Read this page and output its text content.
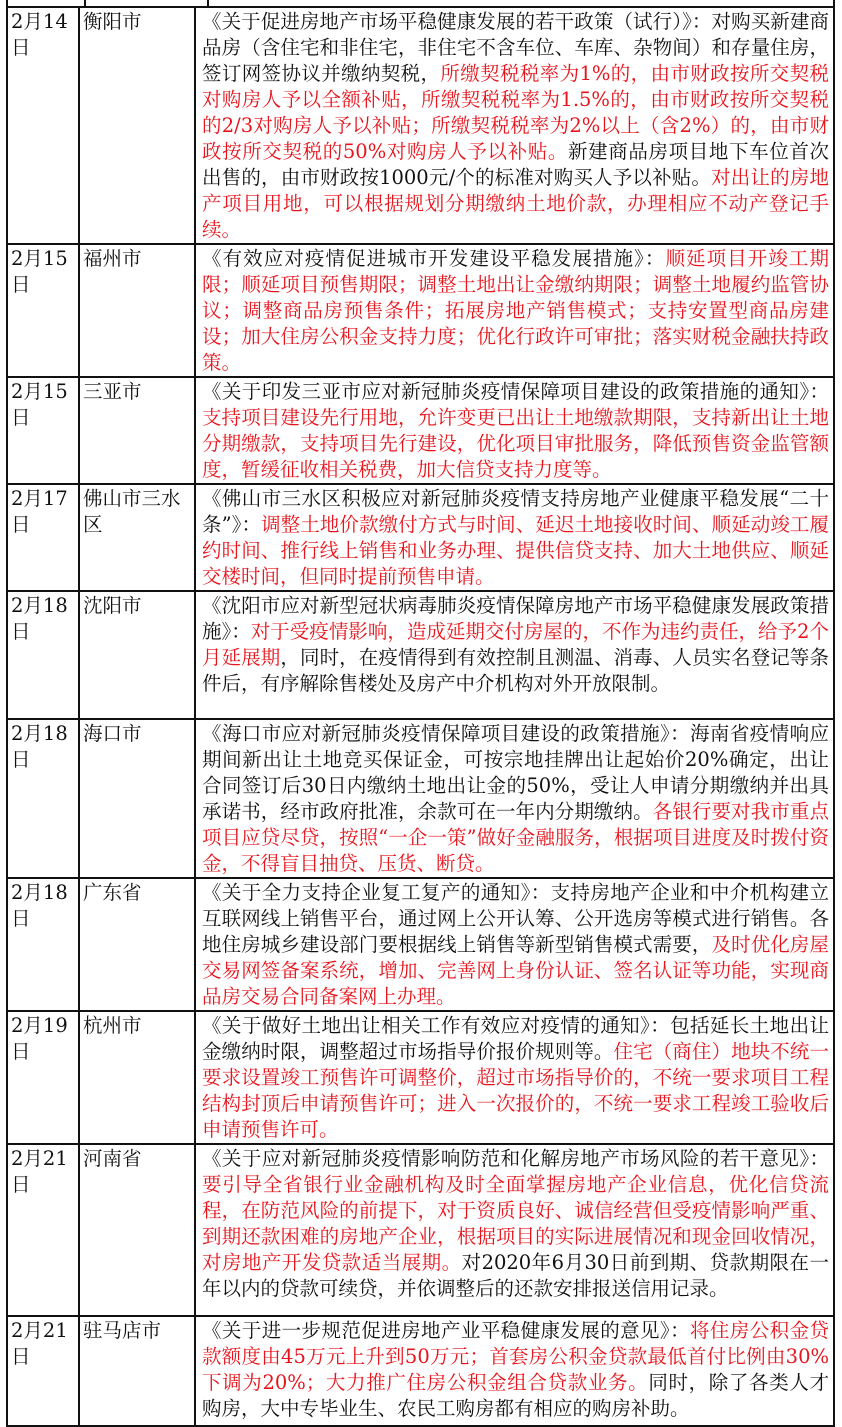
2月14日	衡阳市	《关于促进房地产市场平稳健康发展的若干政策（试行）》：对购买新建商品房（含住宅和非住宅，非住宅不含车位、车库、杂物间）和存量住房，签订网签协议并缴纳契税，所缴契税税率为1%的，由市财政按所交契税对购房人予以全额补贴，所缴契税税率为1.5%的，由市财政按所交契税的2/3对购房人予以补贴；所缴契税税率为2%以上（含2%）的，由市财政按所交契税的50%对购房人予以补贴。新建商品房项目地下车位首次出售的，由市财政按1000元/个的标准对购买人予以补贴。对出让的房地产项目用地，可以根据规划分期缴纳土地价款，办理相应不动产登记手续。
2月15日	福州市	《有效应对疫情促进城市开发建设平稳发展措施》：顺延项目开竣工期限；顺延项目预售期限；调整土地出让金缴纳期限；调整土地履约监管协议；调整商品房预售条件；拓展房地产销售模式；支持安置型商品房建设；加大住房公积金支持力度；优化行政许可审批；落实财税金融扶持政策。
2月15日	三亚市	《关于印发三亚市应对新冠肺炎疫情保障项目建设的政策措施的通知》：支持项目建设先行用地，允许变更已出让土地缴款期限，支持新出让土地分期缴款，支持项目先行建设，优化项目审批服务，降低预售资金监管额度，暂缓征收相关税费，加大信贷支持力度等。
2月17日	佛山市三水区	《佛山市三水区积极应对新冠肺炎疫情支持房地产业健康平稳发展“二十条”》：调整土地价款缴付方式与时间、延迟土地接收时间、顺延动竣工履约时间、推行线上销售和业务办理、提供信贷支持、加大土地供应、顺延交楼时间，但同时提前预售申请。
2月18日	沈阳市	《沈阳市应对新型冠状病毒肺炎疫情保障房地产市场平稳健康发展政策措施》：对于受疫情影响，造成延期交付房屋的，不作为违约责任，给予2个月延展期，同时，在疫情得到有效控制且测温、消毒、人员实名登记等条件后，有序解除售楼处及房产中介机构对外开放限制。
2月18日	海口市	《海口市应对新冠肺炎疫情保障项目建设的政策措施》：海南省疫情响应期间新出让土地竞买保证金，可按宗地挂牌出让起始价20%确定，出让合同签订后30日内缴纳土地出让金的50%，受让人申请分期缴纳并出具承诺书，经市政府批准，余款可在一年内分期缴纳。各银行要对我市重点项目应贷尽贷，按照“一企一策”做好金融服务，根据项目进度及时拨付资金，不得盲目抽贷、压货、断贷。
2月18日	广东省	《关于全力支持企业复工复产的通知》：支持房地产企业和中介机构建立互联网线上销售平台，通过网上公开认筹、公开选房等模式进行销售。各地住房城乡建设部门要根据线上销售等新型销售模式需要，及时优化房屋交易网签备案系统，增加、完善网上身份认证、签名认证等功能，实现商品房交易合同备案网上办理。
2月19日	杭州市	《关于做好土地出让相关工作有效应对疫情的通知》：包括延长土地出让金缴纳时限，调整超过市场指导价报价规则等。住宅（商住）地块不统一要求设置竣工预售许可调整价，超过市场指导价的，不统一要求项目工程结构封顶后申请预售许可；进入一次报价的，不统一要求工程竣工验收后申请预售许可。
2月21日	河南省	《关于应对新冠肺炎疫情影响防范和化解房地产市场风险的若干意见》：要引导全省银行业金融机构及时全面掌握房地产企业信息，优化信贷流程，在防范风险的前提下，对于资质良好、诚信经营但受疫情影响严重、到期还款困难的房地产企业，根据项目的实际进展情况和现金回收情况，对房地产开发贷款适当展期。对2020年6月30日前到期、贷款期限在一年以内的贷款可续贷，并依调整后的还款安排报送信用记录。
2月21日	驻马店市	《关于进一步规范促进房地产业平稳健康发展的意见》：将住房公积金贷款额度由45万元上升到50万元；首套房公积金贷款最低首付比例由30%下调为20%；大力推广住房公积金组合贷款业务。同时，除了各类人才购房，大中专毕业生、农民工购房都有相应的购房补助。
